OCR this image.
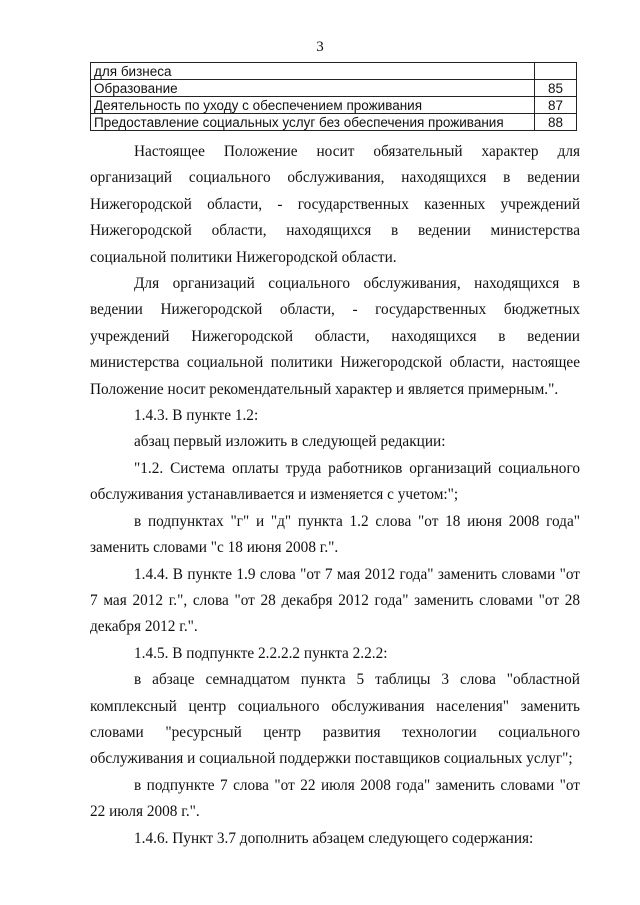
3
для бизнеса	
Образование	85
Деятельность по уходу с обеспечением проживания	87
Предоставление социальных услуг без обеспечения проживания	88

Настоящее Положение носит обязательный характер для организаций социального обслуживания, находящихся в ведении Нижегородской области, - государственных казенных учреждений Нижегородской области, находящихся в ведении министерства социальной политики Нижегородской области.

Для организаций социального обслуживания, находящихся в ведении Нижегородской области, - государственных бюджетных учреждений Нижегородской области, находящихся в ведении министерства социальной политики Нижегородской области, настоящее Положение носит рекомендательный характер и является примерным.".

1.4.3. В пункте 1.2:

абзац первый изложить в следующей редакции:

"1.2. Система оплаты труда работников организаций социального обслуживания устанавливается и изменяется с учетом:";

в подпунктах "г" и "д" пункта 1.2 слова "от 18 июня 2008 года" заменить словами "с 18 июня 2008 г.".

1.4.4. В пункте 1.9 слова "от 7 мая 2012 года" заменить словами "от 7 мая 2012 г.", слова "от 28 декабря 2012 года" заменить словами "от 28 декабря 2012 г.".

1.4.5. В подпункте 2.2.2.2 пункта 2.2.2:

в абзаце семнадцатом пункта 5 таблицы 3 слова "областной комплексный центр социального обслуживания населения" заменить словами "ресурсный центр развития технологии социального обслуживания и социальной поддержки поставщиков социальных услуг";

в подпункте 7 слова "от 22 июля 2008 года" заменить словами "от 22 июля 2008 г.".

1.4.6. Пункт 3.7 дополнить абзацем следующего содержания:
